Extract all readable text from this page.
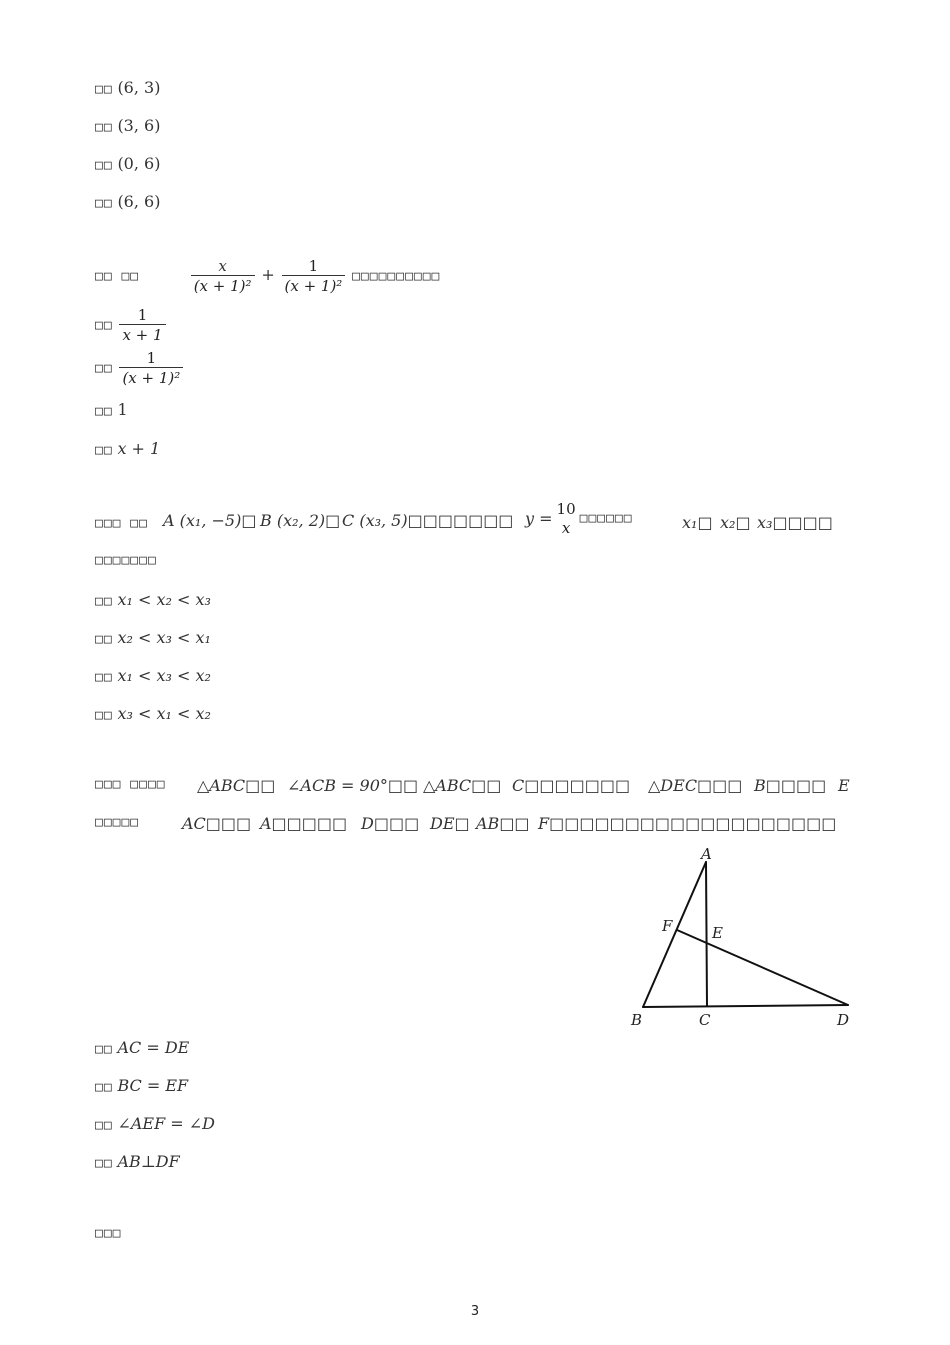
□□ (6, 3)
□□ (3, 6)
□□ (0, 6)
□□ (6, 6)
□□ □□	$\frac{x}{\text{(x + 1)²}} + \frac{1}{\text{(x + 1)²}}$ □□□□□□□□□□
□□ $\frac{1}{x + 1}$
□□ $\frac{1}{\text{(x + 1)²}}$
□□ 1
□□ x + 1
□□□ □□ A (x₁, −5)□ B (x₂, 2)□ C (x₃, 5)□□□□□□□ y = 10
x
□□□□□□	x₁□ x₂□ x₃□□□□
□□□□□□□
□□ x₁ < x₂ < x₃
□□ x₂ < x₃ < x₁
□□ x₁ < x₃ < x₂
□□ x₃ < x₁ < x₂
□□□ □□□□ △ABC□□ ∠ACB = 90°□□ △ABC□□ C□□□□□□□ △DEC□□□ B□□□□ E
□□□□□	AC□□□ A□□□□□ D□□□ DE□ AB□□ F□□□□□□□□□□□□□□□□□□□
A
F	E
B	C	D
□□ AC = DE
□□ BC = EF
□□ ∠AEF = ∠D
□□ AB⊥DF
□□□
3
